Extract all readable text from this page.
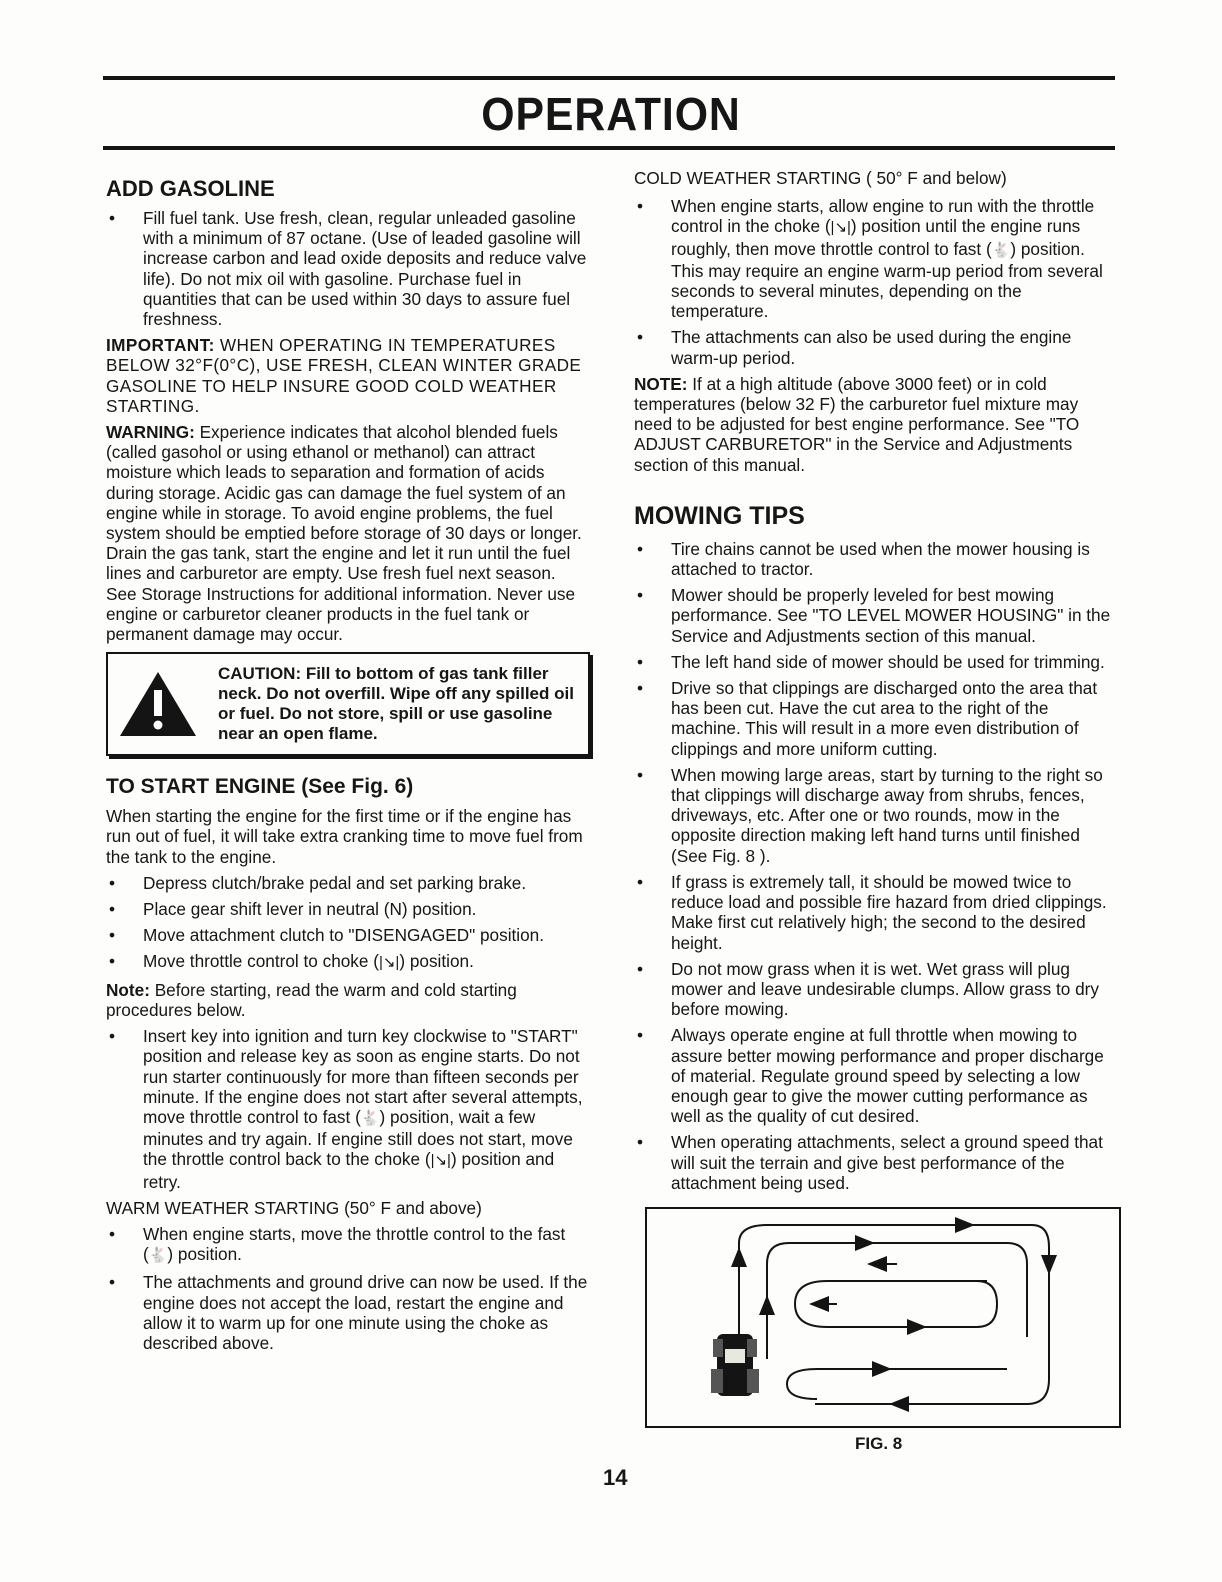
OPERATION
ADD GASOLINE
• Fill fuel tank. Use fresh, clean, regular unleaded gasoline with a minimum of 87 octane. (Use of leaded gasoline will increase carbon and lead oxide deposits and reduce valve life). Do not mix oil with gasoline. Purchase fuel in quantities that can be used within 30 days to assure fuel freshness.

IMPORTANT: WHEN OPERATING IN TEMPERATURES BELOW 32°F(0°C), USE FRESH, CLEAN WINTER GRADE GASOLINE TO HELP INSURE GOOD COLD WEATHER STARTING.

WARNING: Experience indicates that alcohol blended fuels (called gasohol or using ethanol or methanol) can attract moisture which leads to separation and formation of acids during storage. Acidic gas can damage the fuel system of an engine while in storage. To avoid engine problems, the fuel system should be emptied before storage of 30 days or longer. Drain the gas tank, start the engine and let it run until the fuel lines and carburetor are empty. Use fresh fuel next season. See Storage Instructions for additional information. Never use engine or carburetor cleaner products in the fuel tank or permanent damage may occur.

CAUTION: Fill to bottom of gas tank filler neck. Do not overfill. Wipe off any spilled oil or fuel. Do not store, spill or use gasoline near an open flame.
TO START ENGINE (See Fig. 6)

When starting the engine for the first time or if the engine has run out of fuel, it will take extra cranking time to move fuel from the tank to the engine.

• Depress clutch/brake pedal and set parking brake.
• Place gear shift lever in neutral (N) position.
• Move attachment clutch to "DISENGAGED" position.
• Move throttle control to choke (|↘|) position.

Note: Before starting, read the warm and cold starting procedures below.

• Insert key into ignition and turn key clockwise to "START" position and release key as soon as engine starts. Do not run starter continuously for more than fifteen seconds per minute. If the engine does not start after several attempts, move throttle control to fast (🐇) position, wait a few minutes and try again. If engine still does not start, move the throttle control back to the choke (|↘|) position and retry.

WARM WEATHER STARTING (50° F and above)

• When engine starts, move the throttle control to the fast (🐇) position.
• The attachments and ground drive can now be used. If the engine does not accept the load, restart the engine and allow it to warm up for one minute using the choke as described above.

COLD WEATHER STARTING ( 50° F and below)

• When engine starts, allow engine to run with the throttle control in the choke (|↘|) position until the engine runs roughly, then move throttle control to fast (🐇) position. This may require an engine warm-up period from several seconds to several minutes, depending on the temperature.
• The attachments can also be used during the engine warm-up period.

NOTE: If at a high altitude (above 3000 feet) or in cold temperatures (below 32 F) the carburetor fuel mixture may need to be adjusted for best engine performance. See "TO ADJUST CARBURETOR" in the Service and Adjustments section of this manual.

MOWING TIPS
• Tire chains cannot be used when the mower housing is attached to tractor.
• Mower should be properly leveled for best mowing performance. See "TO LEVEL MOWER HOUSING" in the Service and Adjustments section of this manual.
• The left hand side of mower should be used for trimming.
• Drive so that clippings are discharged onto the area that has been cut. Have the cut area to the right of the machine. This will result in a more even distribution of clippings and more uniform cutting.
• When mowing large areas, start by turning to the right so that clippings will discharge away from shrubs, fences, driveways, etc. After one or two rounds, mow in the opposite direction making left hand turns until finished (See Fig. 8 ).
• If grass is extremely tall, it should be mowed twice to reduce load and possible fire hazard from dried clippings. Make first cut relatively high; the second to the desired height.
• Do not mow grass when it is wet. Wet grass will plug mower and leave undesirable clumps. Allow grass to dry before mowing.
• Always operate engine at full throttle when mowing to assure better mowing performance and proper discharge of material. Regulate ground speed by selecting a low enough gear to give the mower cutting performance as well as the quality of cut desired.
• When operating attachments, select a ground speed that will suit the terrain and give best performance of the attachment being used.
FIG. 8
14
